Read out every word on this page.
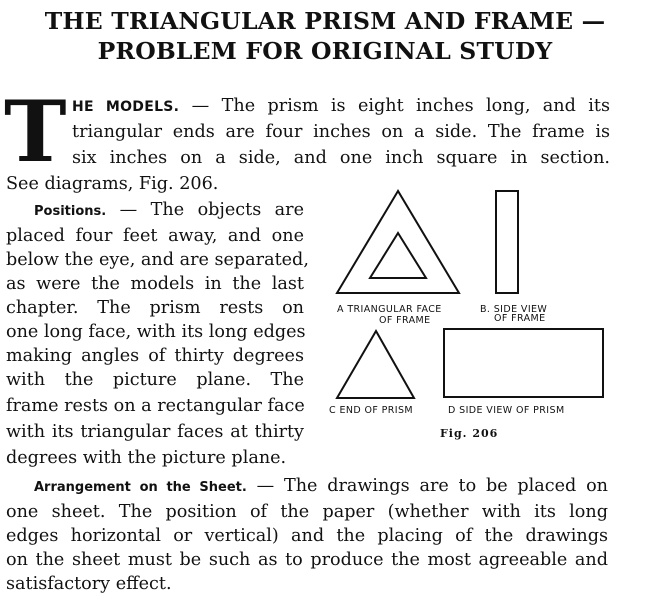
THE TRIANGULAR PRISM AND FRAME —
PROBLEM FOR ORIGINAL STUDY
T HE MODELS. — The prism is eight inches long, and its
triangular ends are four inches on a side. The frame is
six inches on a side, and one inch square in section.
See diagrams, Fig. 206.
Positions. — The objects are
placed four feet away, and one
below the eye, and are separated,
as were the models in the last
chapter. The prism rests on
one long face, with its long edges
making angles of thirty degrees
with the picture plane. The
frame rests on a rectangular face
with its triangular faces at thirty
degrees with the picture plane.
A TRIANGULAR FACE
OF FRAME
B. SIDE VIEW
OF FRAME
C END OF PRISM	D SIDE VIEW OF PRISM
Fig. 206
Arrangement on the Sheet. — The drawings are to be placed on
one sheet. The position of the paper (whether with its long
edges horizontal or vertical) and the placing of the drawings
on the sheet must be such as to produce the most agreeable and
satisfactory effect.
